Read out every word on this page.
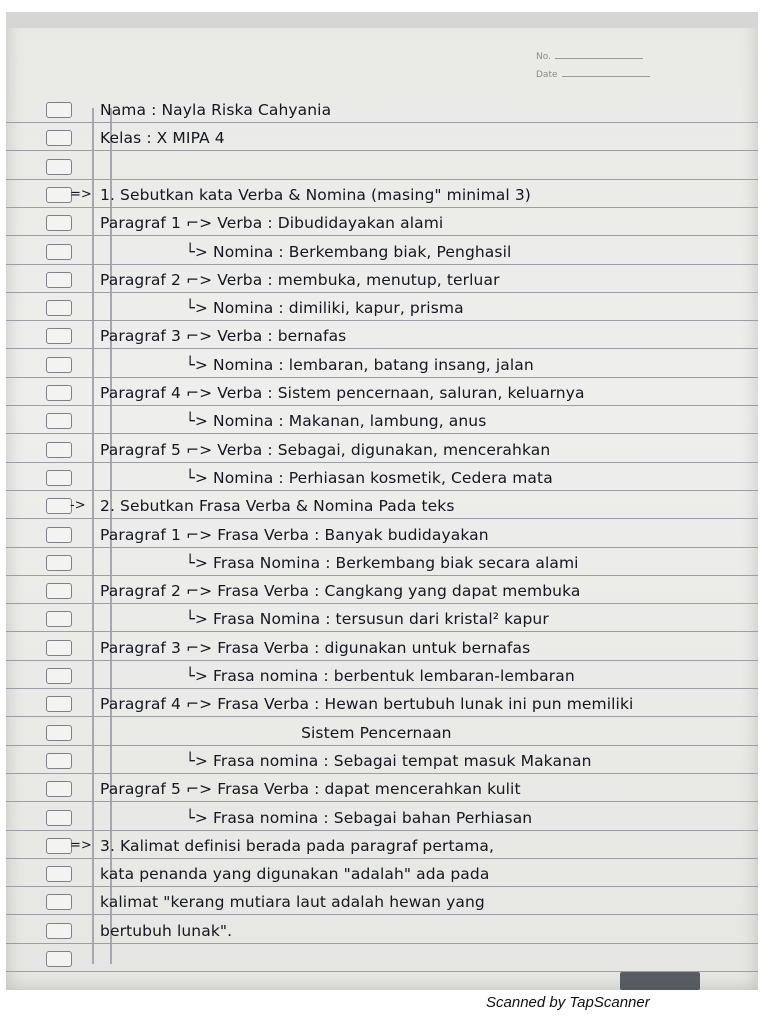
No.
Date
Nama : Nayla Riska Cahyania
Kelas : X MIPA 4
=> 1. Sebutkan kata Verba & Nomina (masing" minimal 3)
Paragraf 1 ⌐> Verba : Dibudidayakan alami
└> Nomina : Berkembang biak, Penghasil
Paragraf 2 ⌐> Verba : membuka, menutup, terluar
└> Nomina : dimiliki, kapur, prisma
Paragraf 3 ⌐> Verba : bernafas
└> Nomina : lembaran, batang insang, jalan
Paragraf 4 ⌐> Verba : Sistem pencernaan, saluran, keluarnya
└> Nomina : Makanan, lambung, anus
Paragraf 5 ⌐> Verba : Sebagai, digunakan, mencerahkan
└> Nomina : Perhiasan kosmetik, Cedera mata
-> 2. Sebutkan Frasa Verba & Nomina Pada teks
Paragraf 1 ⌐> Frasa Verba : Banyak budidayakan
└> Frasa Nomina : Berkembang biak secara alami
Paragraf 2 ⌐> Frasa Verba : Cangkang yang dapat membuka
└> Frasa Nomina : tersusun dari kristal² kapur
Paragraf 3 ⌐> Frasa Verba : digunakan untuk bernafas
└> Frasa nomina : berbentuk lembaran-lembaran
Paragraf 4 ⌐> Frasa Verba : Hewan bertubuh lunak ini pun memiliki
Sistem Pencernaan
└> Frasa nomina : Sebagai tempat masuk Makanan
Paragraf 5 ⌐> Frasa Verba : dapat mencerahkan kulit
└> Frasa nomina : Sebagai bahan Perhiasan
=> 3. Kalimat definisi berada pada paragraf pertama,
kata penanda yang digunakan "adalah" ada pada
kalimat "kerang mutiara laut adalah hewan yang
bertubuh lunak".
Scanned by TapScanner
